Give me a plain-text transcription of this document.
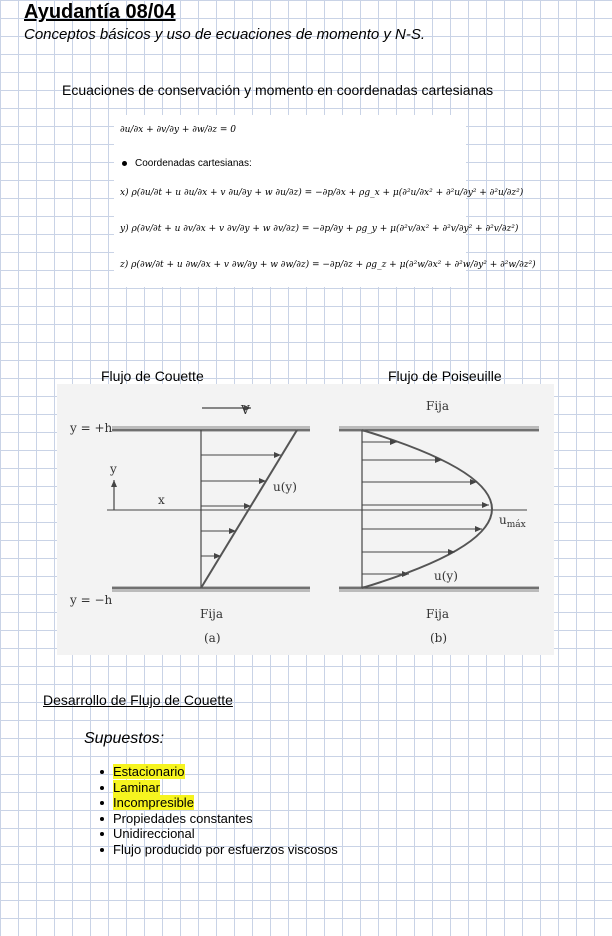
Ayudantía 08/04
Conceptos básicos y uso de ecuaciones de momento y N-S.
Ecuaciones de conservación y momento en coordenadas cartesianas
∂u/∂x + ∂v/∂y + ∂w/∂z = 0
Coordenadas cartesianas:
x) ρ(∂u/∂t + u ∂u/∂x + v ∂u/∂y + w ∂u/∂z) = −∂p/∂x + ρg_x + μ(∂²u/∂x² + ∂²u/∂y² + ∂²u/∂z²)
y) ρ(∂v/∂t + u ∂v/∂x + v ∂v/∂y + w ∂v/∂z) = −∂p/∂y + ρg_y + μ(∂²v/∂x² + ∂²v/∂y² + ∂²v/∂z²)
z) ρ(∂w/∂t + u ∂w/∂x + v ∂w/∂y + w ∂w/∂z) = −∂p/∂z + ρg_z + μ(∂²w/∂x² + ∂²w/∂y² + ∂²w/∂z²)
Flujo de Couette	Flujo de Poiseuille
V
y = +h
y = −h
y
x
u(y)
Fija
(a)
Fija
$u_{máx}$
u(y)
Fija
(b)
Desarrollo de Flujo de Couette
Supuestos:
Estacionario
Laminar
Incompresible
Propiedades constantes
Unidireccional
Flujo producido por esfuerzos viscosos
